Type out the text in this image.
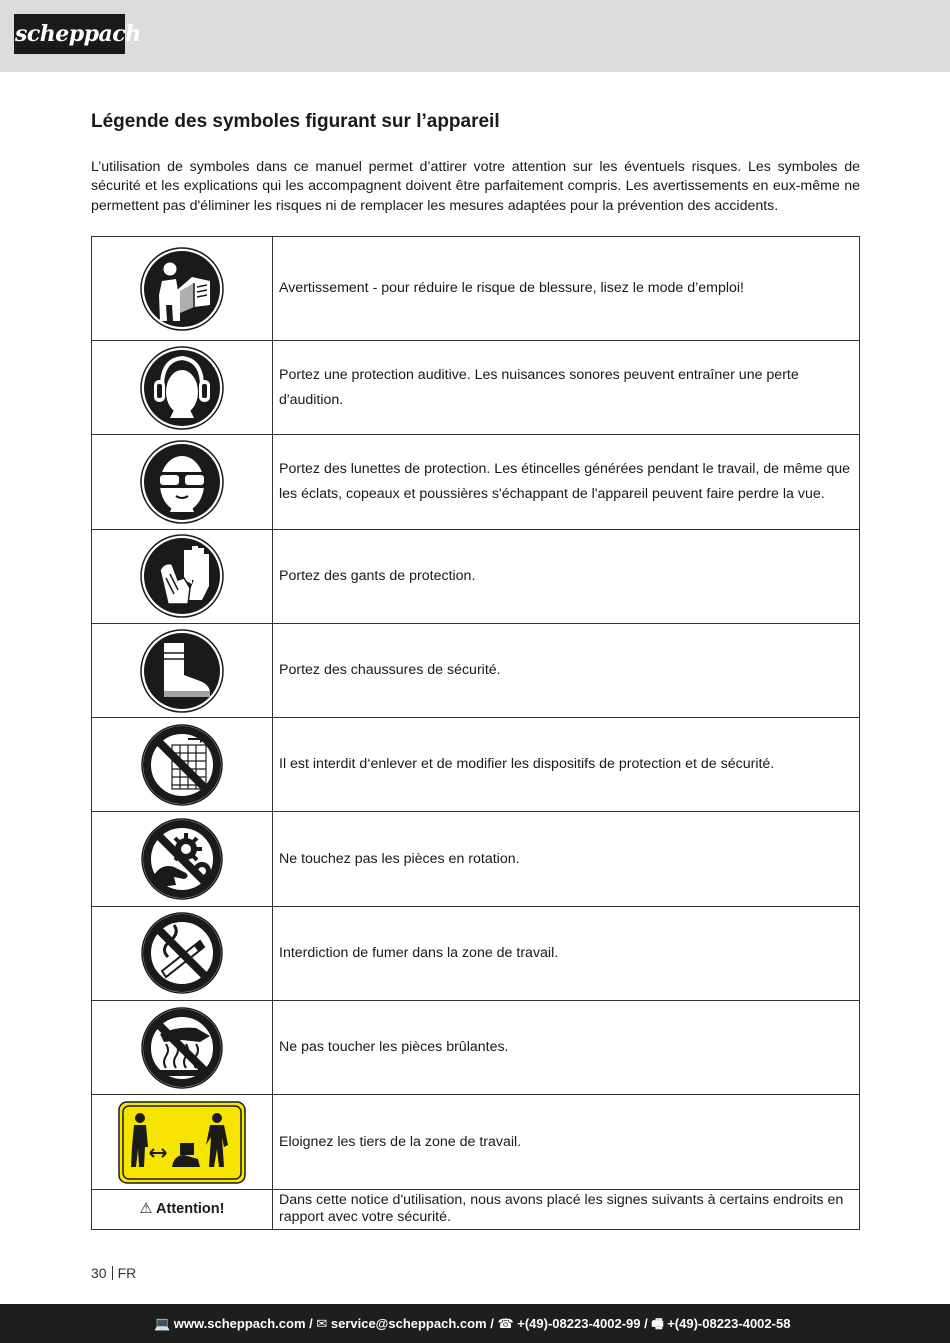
scheppach
Légende des symboles figurant sur l’appareil

L’utilisation de symboles dans ce manuel permet d’attirer votre attention sur les éventuels risques. Les symboles de sécurité et les explications qui les accompagnent doivent être parfaitement compris. Les avertissements en eux-même ne permettent pas d'éliminer les risques ni de remplacer les mesures adaptées pour la prévention des accidents.

	Avertissement - pour réduire le risque de blessure, lisez le mode d’emploi!

	Portez une protection auditive. Les nuisances sonores peuvent entraîner une perte d'audition.

	Portez des lunettes de protection. Les étincelles générées pendant le travail, de même que les éclats, copeaux et poussières s'échappant de l'appareil peuvent faire perdre la vue.

	Portez des gants de protection.

	Portez des chaussures de sécurité.

	Il est interdit d‘enlever et de modifier les dispositifs de protection et de sécurité.

	Ne touchez pas les pièces en rotation.

	Interdiction de fumer dans la zone de travail.

	Ne pas toucher les pièces brûlantes.

	Eloignez les tiers de la zone de travail.
⚠ Attention!	Dans cette notice d'utilisation, nous avons placé les signes suivants à certains endroits en rapport avec votre sécurité.
30 FR
💻 www.scheppach.com / ✉ service@scheppach.com / ☎ +(49)-08223-4002-99 / 🖷 +(49)-08223-4002-58
